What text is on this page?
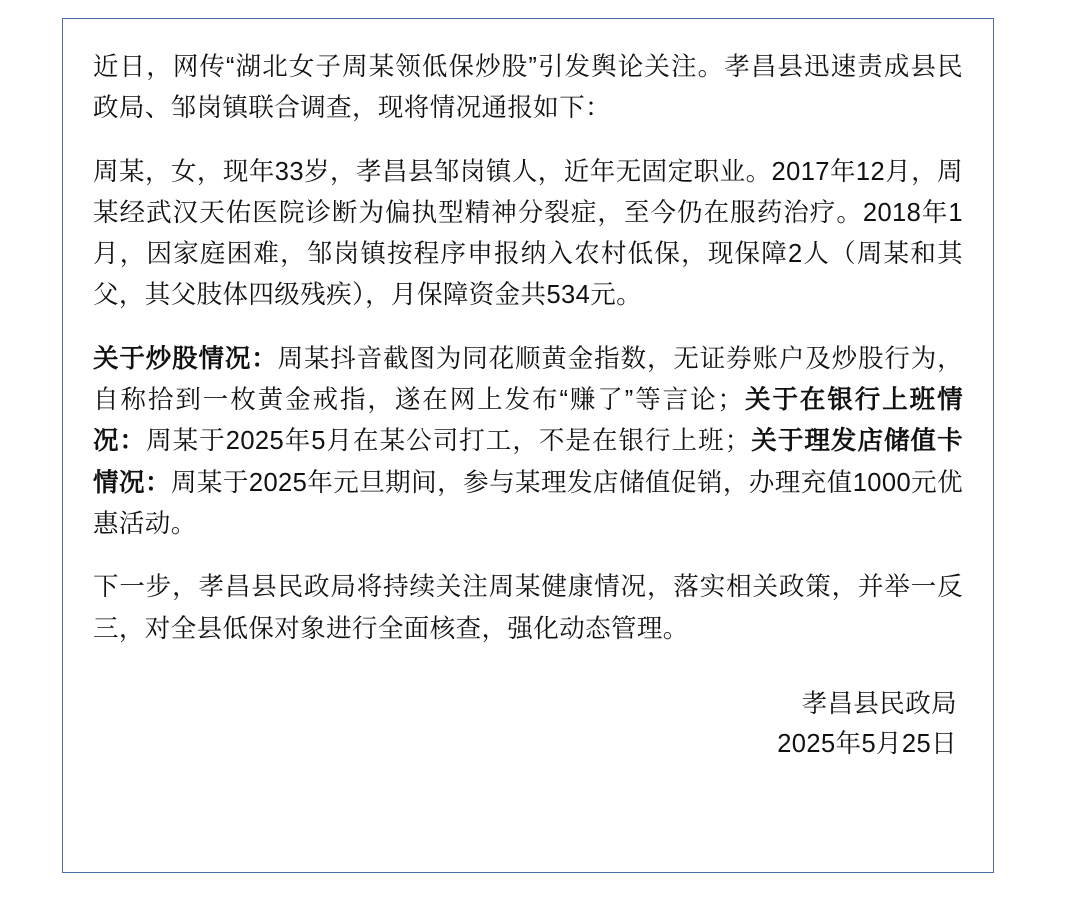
近日，网传“湖北女子周某领低保炒股”引发舆论关注。孝昌县迅速责成县民政局、邹岗镇联合调查，现将情况通报如下：

周某，女，现年33岁，孝昌县邹岗镇人，近年无固定职业。2017年12月，周某经武汉天佑医院诊断为偏执型精神分裂症，至今仍在服药治疗。2018年1月，因家庭困难，邹岗镇按程序申报纳入农村低保，现保障2人（周某和其父，其父肢体四级残疾），月保障资金共534元。

关于炒股情况：周某抖音截图为同花顺黄金指数，无证券账户及炒股行为，自称拾到一枚黄金戒指，遂在网上发布“赚了”等言论；关于在银行上班情况：周某于2025年5月在某公司打工，不是在银行上班；关于理发店储值卡情况：周某于2025年元旦期间，参与某理发店储值促销，办理充值1000元优惠活动。

下一步，孝昌县民政局将持续关注周某健康情况，落实相关政策，并举一反三，对全县低保对象进行全面核查，强化动态管理。

孝昌县民政局
2025年5月25日
